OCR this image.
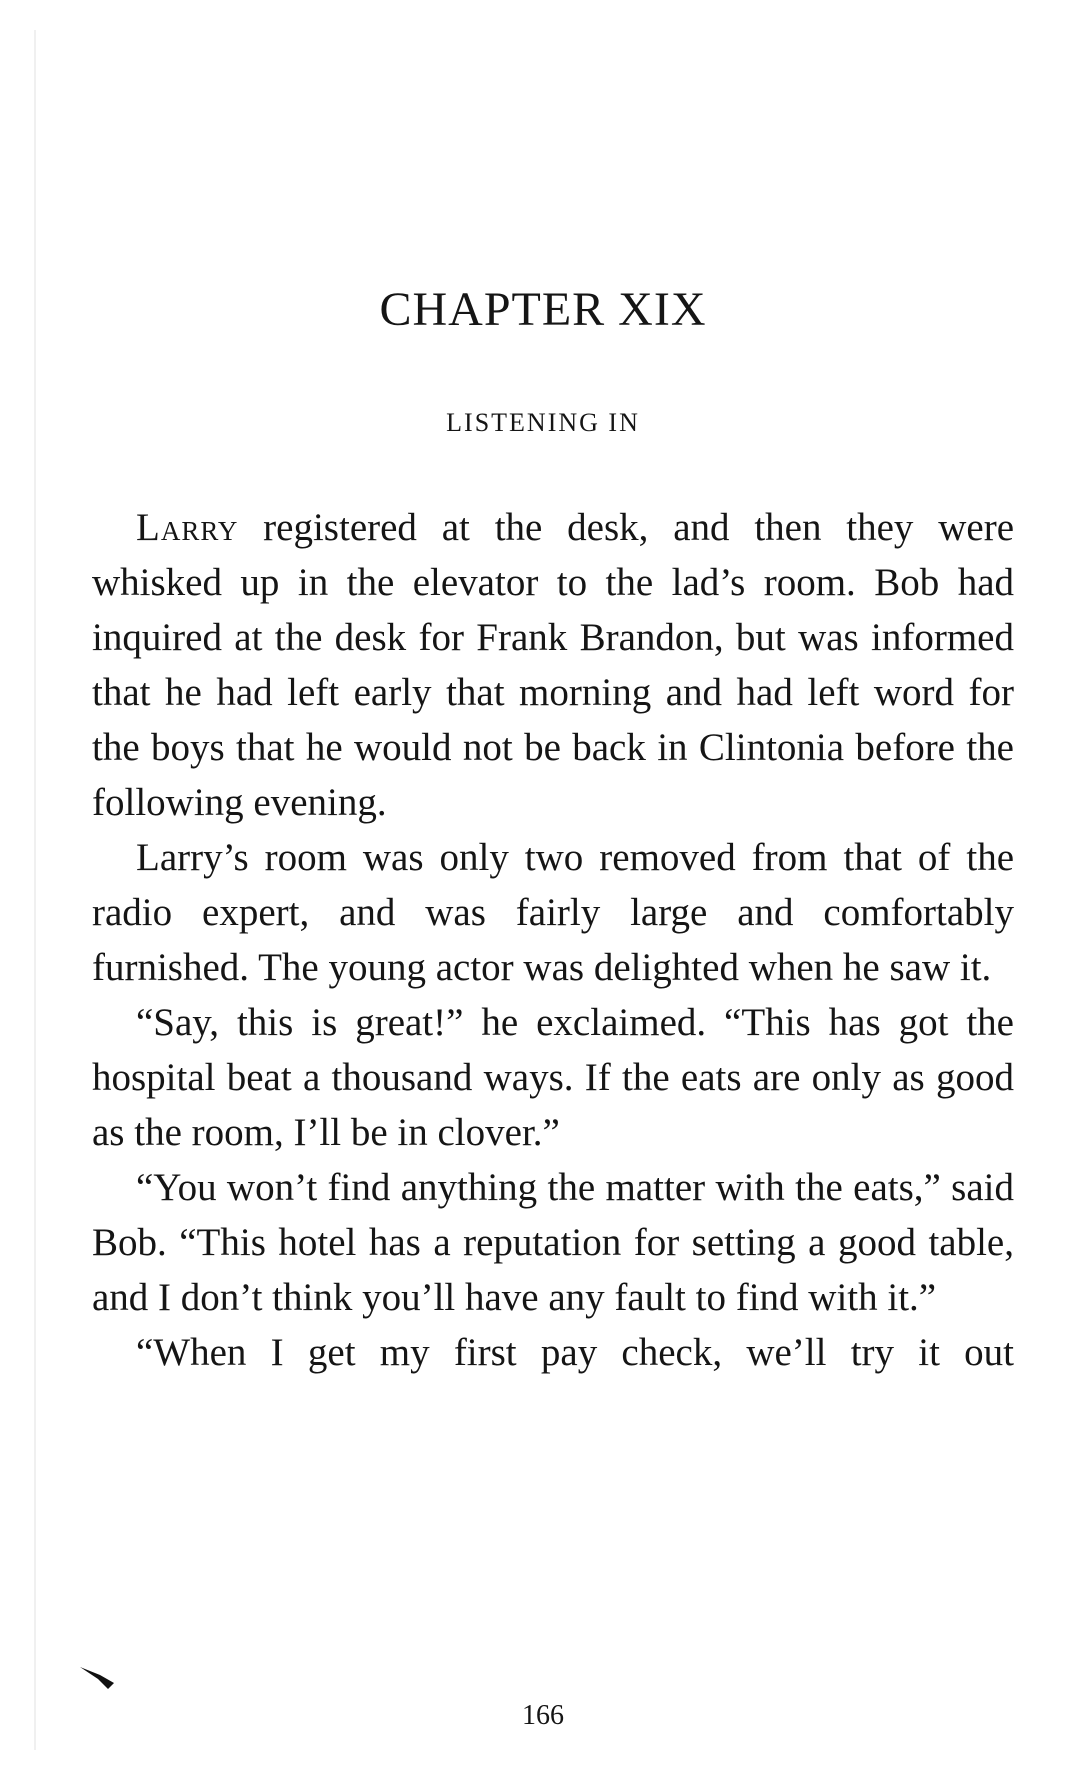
CHAPTER XIX
LISTENING IN

Larry registered at the desk, and then they were whisked up in the elevator to the lad’s room. Bob had inquired at the desk for Frank Brandon, but was informed that he had left early that morning and had left word for the boys that he would not be back in Clintonia before the following evening.

Larry’s room was only two removed from that of the radio expert, and was fairly large and comfortably furnished. The young actor was delighted when he saw it.

“Say, this is great!” he exclaimed. “This has got the hospital beat a thousand ways. If the eats are only as good as the room, I’ll be in clover.”

“You won’t find anything the matter with the eats,” said Bob. “This hotel has a reputation for setting a good table, and I don’t think you’ll have any fault to find with it.”

“When I get my first pay check, we’ll try it out

166
